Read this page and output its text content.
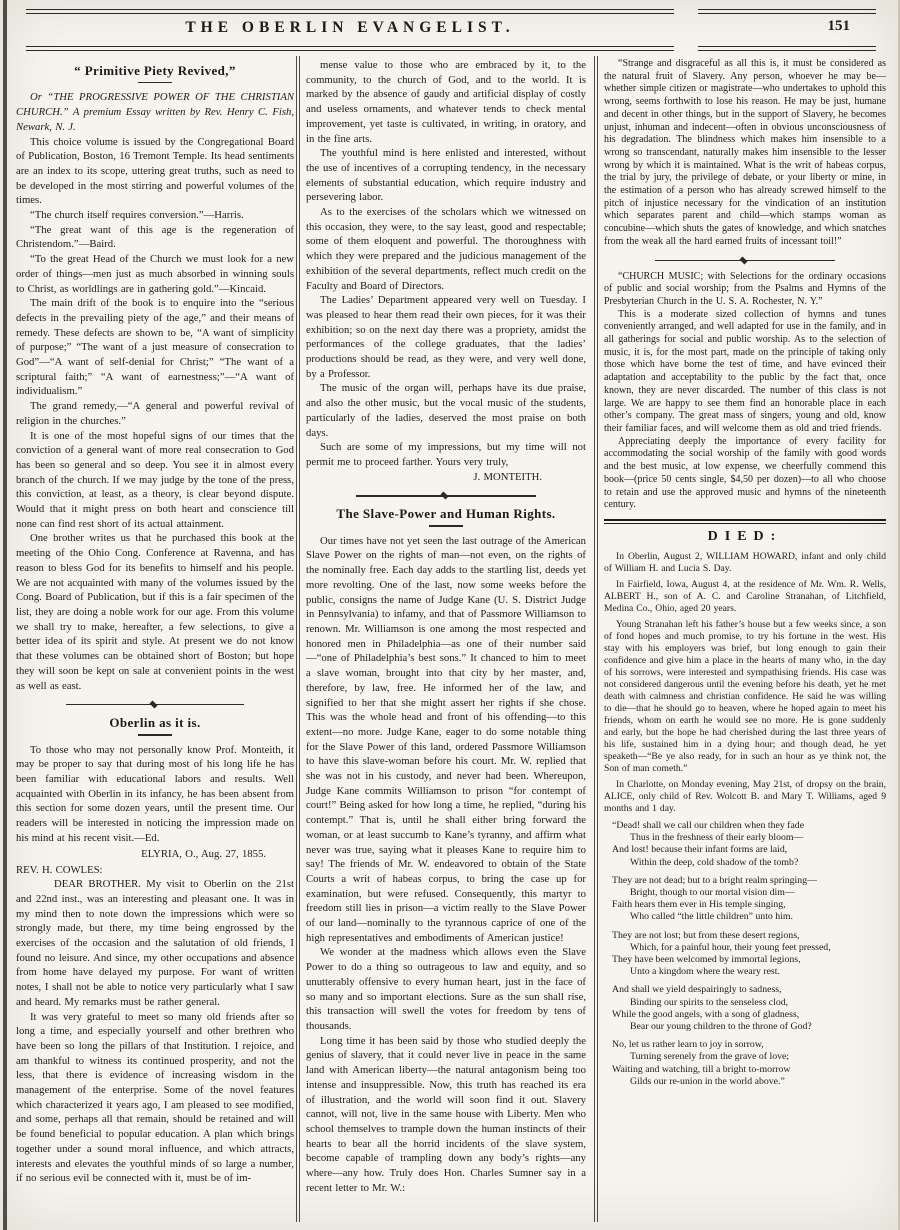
THE OBERLIN EVANGELIST.	151
“ Primitive Piety Revived,”

Or “THE PROGRESSIVE POWER OF THE CHRISTIAN CHURCH.” A premium Essay written by Rev. Henry C. Fish, Newark, N. J.

This choice volume is issued by the Congregational Board of Publication, Boston, 16 Tremont Temple. Its head sentiments are an index to its scope, uttering great truths, such as need to be developed in the most stirring and powerful volumes of the times.

“The church itself requires conversion.”—Harris.

“The great want of this age is the regeneration of Christendom.”—Baird.

“To the great Head of the Church we must look for a new order of things—men just as much absorbed in winning souls to Christ, as worldlings are in gathering gold.”—Kincaid.

The main drift of the book is to enquire into the “serious defects in the prevailing piety of the age,” and their means of remedy. These defects are shown to be, “A want of simplicity of purpose;” “The want of a just measure of consecration to God”—“A want of self-denial for Christ;” “The want of a scriptural faith;” “A want of earnestness;”—“A want of individualism.”

The grand remedy,—“A general and powerful revival of religion in the churches.”

It is one of the most hopeful signs of our times that the conviction of a general want of more real consecration to God has been so general and so deep. You see it in almost every branch of the church. If we may judge by the tone of the press, this conviction, at least, as a theory, is clear beyond dispute. Would that it might press on both heart and conscience till none can find rest short of its actual attainment.

One brother writes us that he purchased this book at the meeting of the Ohio Cong. Conference at Ravenna, and has reason to bless God for its benefits to himself and his people. We are not acquainted with many of the volumes issued by the Cong. Board of Publication, but if this is a fair specimen of the list, they are doing a noble work for our age. From this volume we shall try to make, hereafter, a few selections, to give a better idea of its spirit and style. At present we do not know that these volumes can be obtained short of Boston; but hope they will soon be kept on sale at convenient points in the west as well as east.

Oberlin as it is.

To those who may not personally know Prof. Monteith, it may be proper to say that during most of his long life he has been familiar with educational labors and results. Well acquainted with Oberlin in its infancy, he has been absent from this section for some dozen years, until the present time. Our readers will be interested in noticing the impression made on his mind at his recent visit.—Ed.

ELYRIA, O., Aug. 27, 1855.

REV. H. COWLES:

DEAR BROTHER. My visit to Oberlin on the 21st and 22nd inst., was an interesting and pleasant one. It was in my mind then to note down the impressions which were so strongly made, but there, my time being engrossed by the exercises of the occasion and the salutation of old friends, I found no leisure. And since, my other occupations and absence from home have delayed my purpose. For want of written notes, I shall not be able to notice very particularly what I saw and heard. My remarks must be rather general.

It was very grateful to meet so many old friends after so long a time, and especially yourself and other brethren who have been so long the pillars of that Institution. I rejoice, and am thankful to witness its continued prosperity, and not the less, that there is evidence of increasing wisdom in the management of the enterprise. Some of the novel features which characterized it years ago, I am pleased to see modified, and some, perhaps all that remain, should be retained and will be found beneficial to popular education. A plan which brings together under a sound moral influence, and which attracts, interests and elevates the youthful minds of so large a number, if no serious evil be connected with it, must be of im-

mense value to those who are embraced by it, to the community, to the church of God, and to the world. It is marked by the absence of gaudy and artificial display of costly and useless ornaments, and whatever tends to check mental improvement, yet taste is cultivated, in writing, in oratory, and in the fine arts.

The youthful mind is here enlisted and interested, without the use of incentives of a corrupting tendency, in the necessary elements of substantial education, which require industry and persevering labor.

As to the exercises of the scholars which we witnessed on this occasion, they were, to the say least, good and respectable; some of them eloquent and powerful. The thoroughness with which they were prepared and the judicious management of the exhibition of the several departments, reflect much credit on the Faculty and Board of Directors.

The Ladies’ Department appeared very well on Tuesday. I was pleased to hear them read their own pieces, for it was their exhibition; so on the next day there was a propriety, amidst the performances of the college graduates, that the ladies’ productions should be read, as they were, and very well done, by a Professor.

The music of the organ will, perhaps have its due praise, and also the other music, but the vocal music of the students, particularly of the ladies, deserved the most praise on both days.

Such are some of my impressions, but my time will not permit me to proceed farther. Yours very truly,

J. MONTEITH.

The Slave-Power and Human Rights.

Our times have not yet seen the last outrage of the American Slave Power on the rights of man—not even, on the rights of the nominally free. Each day adds to the startling list, deeds yet more revolting. One of the last, now some weeks before the public, consigns the name of Judge Kane (U. S. District Judge in Pennsylvania) to infamy, and that of Passmore Williamson to renown. Mr. Williamson is one among the most respected and honored men in Philadelphia—as one of their number said—“one of Philadelphia’s best sons.” It chanced to him to meet a slave woman, brought into that city by her master, and, therefore, by law, free. He informed her of the law, and signified to her that she might assert her rights if she chose. This was the whole head and front of his offending—to this extent—no more. Judge Kane, eager to do some notable thing for the Slave Power of this land, ordered Passmore Williamson to have this slave-woman before his court. Mr. W. replied that she was not in his custody, and never had been. Whereupon, Judge Kane commits Williamson to prison “for contempt of court!” Being asked for how long a time, he replied, “during his contempt.” That is, until he shall either bring forward the woman, or at least succumb to Kane’s tyranny, and affirm what never was true, saying what it pleases Kane to require him to say! The friends of Mr. W. endeavored to obtain of the State Courts a writ of habeas corpus, to bring the case up for examination, but were refused. Consequently, this martyr to freedom still lies in prison—a victim really to the Slave Power of our land—nominally to the tyrannous caprice of one of the high representatives and embodiments of American justice!

We wonder at the madness which allows even the Slave Power to do a thing so outrageous to law and equity, and so unutterably offensive to every human heart, just in the face of so many and so important elections. Sure as the sun shall rise, this transaction will swell the votes for freedom by tens of thousands.

Long time it has been said by those who studied deeply the genius of slavery, that it could never live in peace in the same land with American liberty—the natural antagonism being too intense and insuppressible. Now, this truth has reached its era of illustration, and the world will soon find it out. Slavery cannot, will not, live in the same house with Liberty. Men who school themselves to trample down the human instincts of their hearts to bear all the horrid incidents of the slave system, become capable of trampling down any body’s rights—any where—any how. Truly does Hon. Charles Sumner say in a recent letter to Mr. W.:

“Strange and disgraceful as all this is, it must be considered as the natural fruit of Slavery. Any person, whoever he may be—whether simple citizen or magistrate—who undertakes to uphold this wrong, seems forthwith to lose his reason. He may be just, humane and decent in other things, but in the support of Slavery, he becomes unjust, inhuman and indecent—often in obvious unconsciousness of his degradation. The blindness which makes him insensible to a wrong so transcendant, naturally makes him insensible to the lesser wrong by which it is maintained. What is the writ of habeas corpus, the trial by jury, the privilege of debate, or your liberty or mine, in the estimation of a person who has already screwed himself to the pitch of injustice necessary for the vindication of an institution which separates parent and child—which stamps woman as concubine—which shuts the gates of knowledge, and which snatches from the weak all the hard earned fruits of incessant toil!”

“CHURCH MUSIC; with Selections for the ordinary occasions of public and social worship; from the Psalms and Hymns of the Presbyterian Church in the U. S. A. Rochester, N. Y.”

This is a moderate sized collection of hymns and tunes conveniently arranged, and well adapted for use in the family, and in all gatherings for social and public worship. As to the selection of music, it is, for the most part, made on the principle of taking only those which have borne the test of time, and have evinced their adaptation and acceptability to the public by the fact that, once known, they are never discarded. The number of this class is not large. We are happy to see them find an honorable place in each other’s company. The great mass of singers, young and old, know their familiar faces, and will welcome them as old and tried friends.

Appreciating deeply the importance of every facility for accommodating the social worship of the family with good words and the best music, at low expense, we cheerfully commend this book—(price 50 cents single, $4,50 per dozen)—to all who choose to retain and use the approved music and hymns of the nineteenth century.

DIED:

In Oberlin, August 2, WILLIAM HOWARD, infant and only child of William H. and Lucia S. Day.

In Fairfield, Iowa, August 4, at the residence of Mr. Wm. R. Wells, ALBERT H., son of A. C. and Caroline Stranahan, of Litchfield, Medina Co., Ohio, aged 20 years.

Young Stranahan left his father’s house but a few weeks since, a son of fond hopes and much promise, to try his fortune in the west. His stay with his employers was brief, but long enough to gain their confidence and give him a place in the hearts of many who, in the day of his sorrows, were interested and sympathising friends. His case was not considered dangerous until the evening before his death, yet he met death with calmness and christian confidence. He said he was willing to die—that he should go to heaven, where he hoped again to meet his friends, whom on earth he would see no more. He is gone suddenly and early, but the hope he had cherished during the last three years of his life, sustained him in a dying hour; and though dead, he yet speaketh—“Be ye also ready, for in such an hour as ye think not, the Son of man cometh.”

In Charlotte, on Monday evening, May 21st, of dropsy on the brain, ALICE, only child of Rev. Wolcott B. and Mary T. Williams, aged 9 months and 1 day.

“Dead! shall we call our children when they fade
Thus in the freshness of their early bloom—
And lost! because their infant forms are laid,
Within the deep, cold shadow of the tomb?
They are not dead; but to a bright realm springing—
Bright, though to our mortal vision dim—
Faith hears them ever in His temple singing,
Who called “the little children” unto him.
They are not lost; but from these desert regions,
Which, for a painful hour, their young feet pressed,
They have been welcomed by immortal legions,
Unto a kingdom where the weary rest.
And shall we yield despairingly to sadness,
Binding our spirits to the senseless clod,
While the good angels, with a song of gladness,
Bear our young children to the throne of God?
No, let us rather learn to joy in sorrow,
Turning serenely from the grave of love;
Waiting and watching, till a bright to-morrow
Gilds our re-union in the world above.”
